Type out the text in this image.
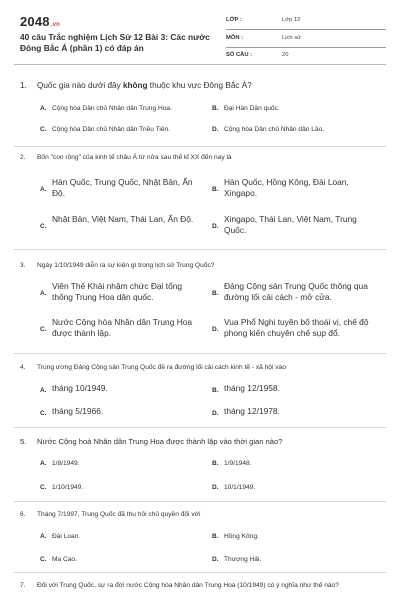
2048.vn
40 câu Trắc nghiệm Lịch Sử 12 Bài 3: Các nước Đông Bắc Á (phần 1) có đáp án
LỚP :	Lớp 12
MÔN :	Lịch sử
SỐ CÂU :	20
1. Quốc gia nào dưới đây không thuộc khu vực Đông Bắc Á?
A. Cộng hòa Dân chủ Nhân dân Trung Hoa.	B. Đại Hàn Dân quốc.
C. Cộng hòa Dân chủ Nhân dân Triều Tiên.	D. Cộng hòa Dân chủ Nhân dân Lào.
2. Bốn "con rồng" của kinh tế châu Á từ nửa sau thế kỉ XX đến nay là
A.
Hàn Quốc, Trung Quốc, Nhật Bản, Ấn Độ.	B.
Hàn Quốc, Hồng Kông, Đài Loan, Xingapo.
C.
Nhật Bản, Việt Nam, Thái Lan, Ấn Độ.
D.
Xingapo, Thái Lan, Việt Nam, Trung Quốc.
3. Ngày 1/10/1949 diễn ra sự kiện gì trong lịch sử Trung Quốc?
A.
Viên Thế Khải nhậm chức Đại tổng thống Trung Hoa dân quốc.	B.
Đảng Cộng sản Trung Quốc thông qua đường lối cải cách - mở cửa.
C.
Nước Cộng hòa Nhân dân Trung Hoa được thành lập.	D.
Vua Phổ Nghi tuyên bố thoái vị, chế độ phong kiến chuyên chế sụp đổ.
4. Trung ương Đảng Cộng sản Trung Quốc đề ra đường lối cải cách kinh tế - xã hội vào
A. tháng 10/1949.	B. tháng 12/1958.
C. tháng 5/1966.	D. tháng 12/1978.
5. Nước Cộng hoà Nhân dân Trung Hoa được thành lập vào thời gian nào?
A. 1/8/1949.	B. 1/9/1948.
C. 1/10/1949.	D. 10/1/1949.
6. Tháng 7/1997, Trung Quốc đã thu hồi chủ quyền đối với
A. Đài Loan.	B. Hồng Kông.
C. Ma Cao.	D. Thượng Hải.
7. Đối với Trung Quốc, sự ra đời nước Cộng hòa Nhân dân Trung Hoa (10/1949) có ý nghĩa như thế nào?
